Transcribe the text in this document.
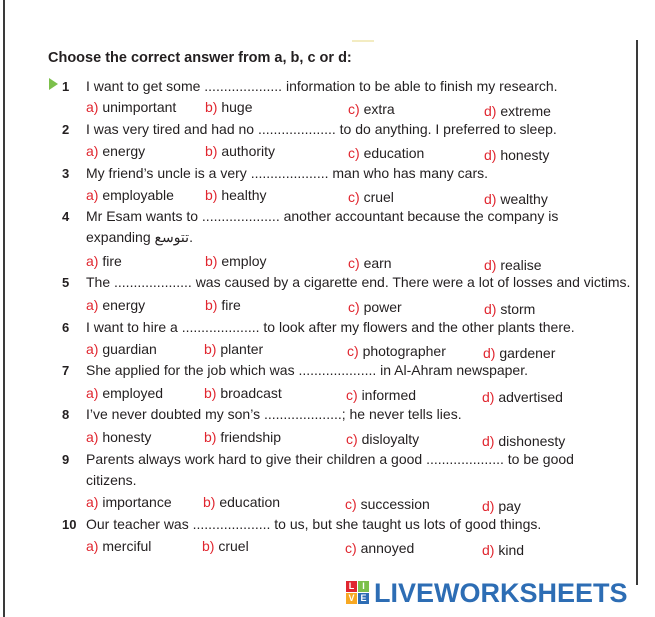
Choose the correct answer from a, b, c or d:
1 I want to get some .................... information to be able to finish my research.
a) unimportant b) huge	c) extra	d) extreme
2 I was very tired and had no .................... to do anything. I preferred to sleep.
a) energy	b) authority	c) education	d) honesty
3 My friend’s uncle is a very .................... man who has many cars.
a) employable b) healthy	c) cruel	d) wealthy
4 Mr Esam wants to .................... another accountant because the company is
expanding تتوسع.
a) fire	b) employ	c) earn	d) realise
5 The .................... was caused by a cigarette end. There were a lot of losses and victims.
a) energy	b) fire	c) power	d) storm
6 I want to hire a .................... to look after my flowers and the other plants there.
a) guardian	b) planter	c) photographer	d) gardener
7 She applied for the job which was .................... in Al-Ahram newspaper.
a) employed	b) broadcast	c) informed	d) advertised
8 I’ve never doubted my son’s ....................; he never tells lies.
a) honesty	b) friendship	c) disloyalty	d) dishonesty
9 Parents always work hard to give their children a good .................... to be good
citizens.
a) importance b) education	c) succession	d) pay
10 Our teacher was .................... to us, but she taught us lots of good things.
a) merciful	b) cruel	c) annoyed	d) kind
L I
V E LIVEWORKSHEETS
